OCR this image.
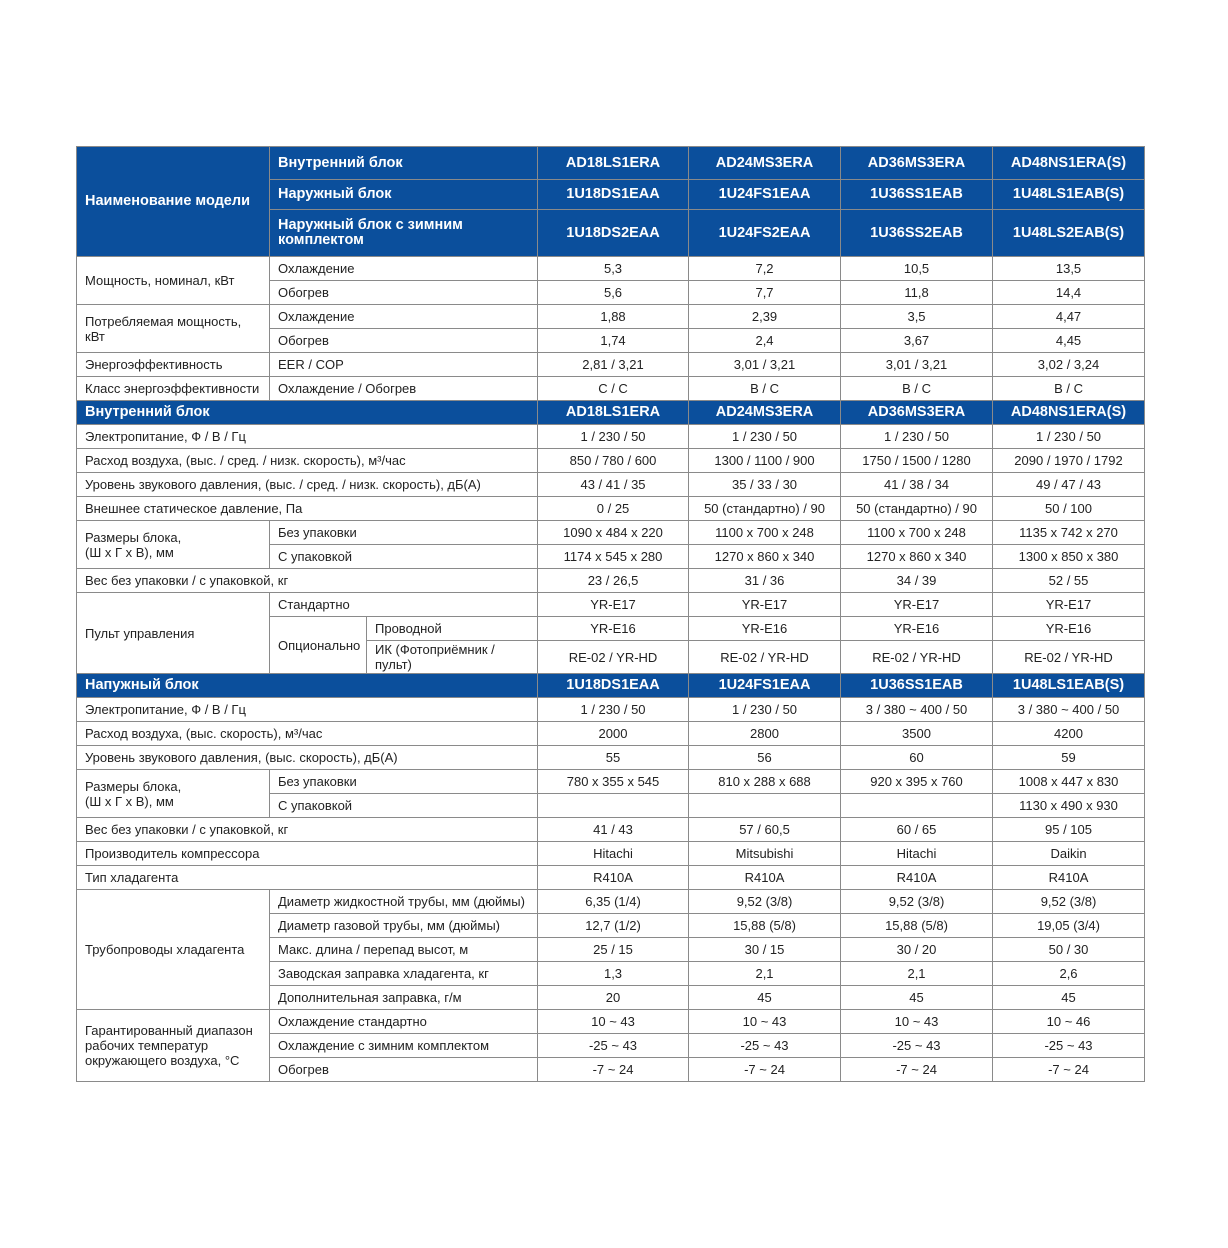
Наименование модели	Внутренний блок		AD18LS1ERA	AD24MS3ERA	AD36MS3ERA	AD48NS1ERA(S)
	Наружный блок		1U18DS1EAA	1U24FS1EAA	1U36SS1EAB	1U48LS1EAB(S)
	Наружный блок с зимним комплектом		1U18DS2EAA	1U24FS2EAA	1U36SS2EAB	1U48LS2EAB(S)
Мощность, номинал, кВт	Охлаждение		5,3	7,2	10,5	13,5
	Обогрев		5,6	7,7	11,8	14,4
Потребляемая мощность, кВт	Охлаждение		1,88	2,39	3,5	4,47
	Обогрев		1,74	2,4	3,67	4,45
Энергоэффективность	EER / COP		2,81 / 3,21	3,01 / 3,21	3,01 / 3,21	3,02 / 3,24
Класс энергоэффективности	Охлаждение / Обогрев		C / C	B / C	B / C	B / C
Внутренний блок			AD18LS1ERA	AD24MS3ERA	AD36MS3ERA	AD48NS1ERA(S)
Электропитание, Ф / В / Гц			1 / 230 / 50	1 / 230 / 50	1 / 230 / 50	1 / 230 / 50
Расход воздуха, (выс. / сред. / низк. скорость), м³/час			850 / 780 / 600	1300 / 1100 / 900	1750 / 1500 / 1280	2090 / 1970 / 1792
Уровень звукового давления, (выс. / сред. / низк. скорость), дБ(А)			43 / 41 / 35	35 / 33 / 30	41 / 38 / 34	49 / 47 / 43
Внешнее статическое давление, Па			0 / 25	50 (стандартно) / 90	50 (стандартно) / 90	50 / 100
Размеры блока,
(Ш х Г х В), мм	Без упаковки		1090 x 484 x 220	1100 x 700 x 248	1100 x 700 x 248	1135 x 742 x 270
	С упаковкой		1174 x 545 x 280	1270 x 860 x 340	1270 x 860 x 340	1300 x 850 x 380
Вес без упаковки / с упаковкой, кг			23 / 26,5	31 / 36	34 / 39	52 / 55
Пульт управления	Стандартно		YR-E17	YR-E17	YR-E17	YR-E17
	Опционально	Проводной	YR-E16	YR-E16	YR-E16	YR-E16
		ИК (Фотоприёмник / пульт)	RE-02 / YR-HD	RE-02 / YR-HD	RE-02 / YR-HD	RE-02 / YR-HD
Напужный блок			1U18DS1EAA	1U24FS1EAA	1U36SS1EAB	1U48LS1EAB(S)
Электропитание, Ф / В / Гц			1 / 230 / 50	1 / 230 / 50	3 / 380 ~ 400 / 50	3 / 380 ~ 400 / 50
Расход воздуха, (выс. скорость), м³/час			2000	2800	3500	4200
Уровень звукового давления, (выс. скорость), дБ(А)			55	56	60	59
Размеры блока,
(Ш х Г х В), мм	Без упаковки		780 x 355 x 545	810 x 288 x 688	920 x 395 x 760	1008 x 447 x 830
	С упаковкой					1130 x 490 x 930
Вес без упаковки / с упаковкой, кг			41 / 43	57 / 60,5	60 / 65	95 / 105
Производитель компрессора			Hitachi	Mitsubishi	Hitachi	Daikin
Тип хладагента			R410A	R410A	R410A	R410A
Трубопроводы хладагента	Диаметр жидкостной трубы, мм (дюймы)		6,35 (1/4)	9,52 (3/8)	9,52 (3/8)	9,52 (3/8)
	Диаметр газовой трубы, мм (дюймы)		12,7 (1/2)	15,88 (5/8)	15,88 (5/8)	19,05 (3/4)
	Макс. длина / перепад высот, м		25 / 15	30 / 15	30 / 20	50 / 30
	Заводская заправка хладагента, кг		1,3	2,1	2,1	2,6
	Дополнительная заправка, г/м		20	45	45	45
Гарантированный диапазон рабочих температур окружающего воздуха, °C	Охлаждение стандартно		10 ~ 43	10 ~ 43	10 ~ 43	10 ~ 46
	Охлаждение с зимним комплектом		-25 ~ 43	-25 ~ 43	-25 ~ 43	-25 ~ 43
	Обогрев		-7 ~ 24	-7 ~ 24	-7 ~ 24	-7 ~ 24
